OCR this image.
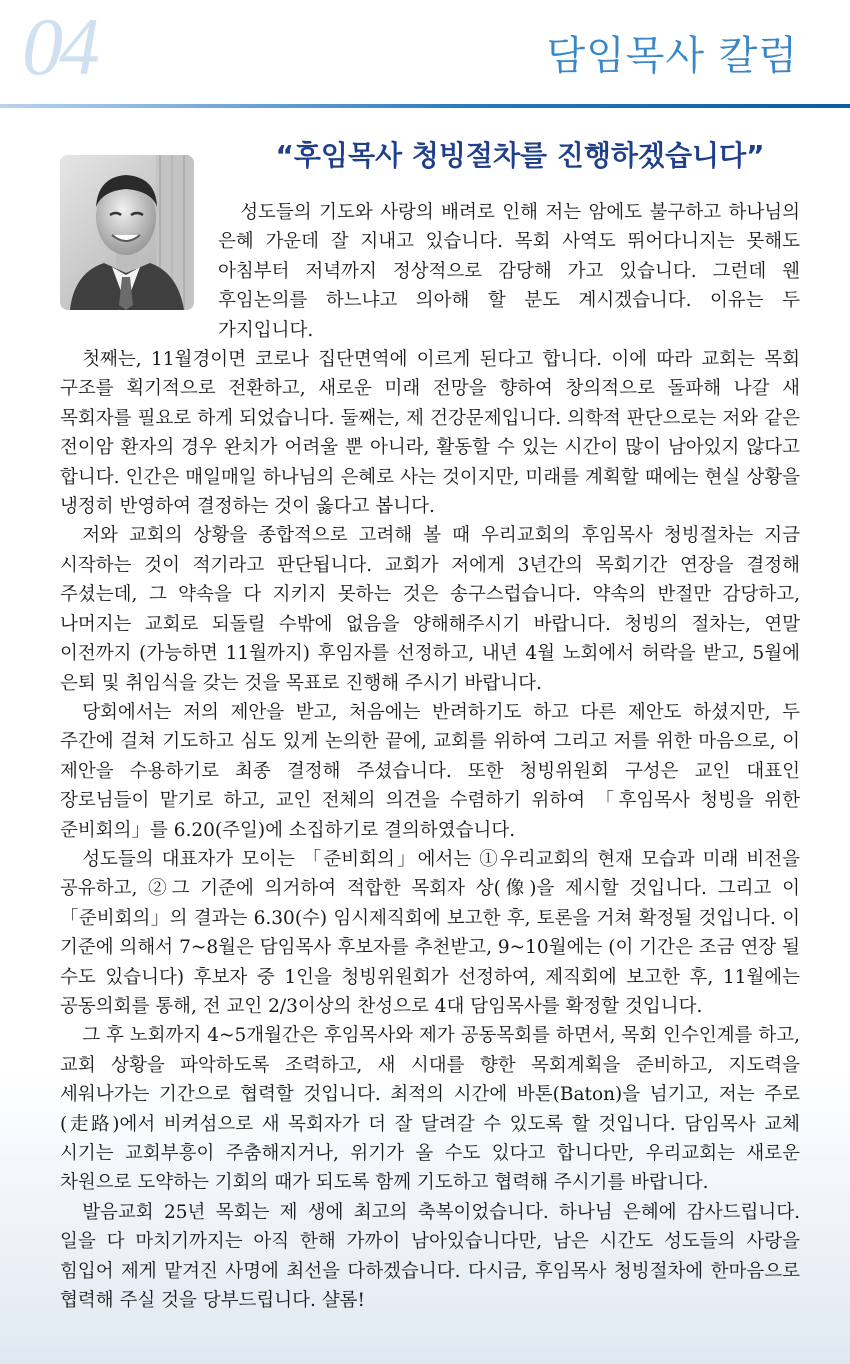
04	담임목사 칼럼
“후임목사 청빙절차를 진행하겠습니다”

성도들의 기도와 사랑의 배려로 인해 저는 암에도 불구하고 하나님의 은혜 가운데 잘 지내고 있습니다. 목회 사역도 뛰어다니지는 못해도 아침부터 저녁까지 정상적으로 감당해 가고 있습니다. 그런데 웬 후임논의를 하느냐고 의아해 할 분도 계시겠습니다. 이유는 두 가지입니다.

첫째는, 11월경이면 코로나 집단면역에 이르게 된다고 합니다. 이에 따라 교회는 목회 구조를 획기적으로 전환하고, 새로운 미래 전망을 향하여 창의적으로 돌파해 나갈 새 목회자를 필요로 하게 되었습니다. 둘째는, 제 건강문제입니다. 의학적 판단으로는 저와 같은 전이암 환자의 경우 완치가 어려울 뿐 아니라, 활동할 수 있는 시간이 많이 남아있지 않다고 합니다. 인간은 매일매일 하나님의 은혜로 사는 것이지만, 미래를 계획할 때에는 현실 상황을 냉정히 반영하여 결정하는 것이 옳다고 봅니다.

저와 교회의 상황을 종합적으로 고려해 볼 때 우리교회의 후임목사 청빙절차는 지금 시작하는 것이 적기라고 판단됩니다. 교회가 저에게 3년간의 목회기간 연장을 결정해 주셨는데, 그 약속을 다 지키지 못하는 것은 송구스럽습니다. 약속의 반절만 감당하고, 나머지는 교회로 되돌릴 수밖에 없음을 양해해주시기 바랍니다. 청빙의 절차는, 연말 이전까지 (가능하면 11월까지) 후임자를 선정하고, 내년 4월 노회에서 허락을 받고, 5월에 은퇴 및 취임식을 갖는 것을 목표로 진행해 주시기 바랍니다.

당회에서는 저의 제안을 받고, 처음에는 반려하기도 하고 다른 제안도 하셨지만, 두 주간에 걸쳐 기도하고 심도 있게 논의한 끝에, 교회를 위하여 그리고 저를 위한 마음으로, 이 제안을 수용하기로 최종 결정해 주셨습니다. 또한 청빙위원회 구성은 교인 대표인 장로님들이 맡기로 하고, 교인 전체의 의견을 수렴하기 위하여 「후임목사 청빙을 위한 준비회의」를 6.20(주일)에 소집하기로 결의하였습니다.

성도들의 대표자가 모이는 「준비회의」에서는 ①우리교회의 현재 모습과 미래 비전을 공유하고, ②그 기준에 의거하여 적합한 목회자 상(像)을 제시할 것입니다. 그리고 이 「준비회의」의 결과는 6.30(수) 임시제직회에 보고한 후, 토론을 거쳐 확정될 것입니다. 이 기준에 의해서 7~8월은 담임목사 후보자를 추천받고, 9~10월에는 (이 기간은 조금 연장 될 수도 있습니다) 후보자 중 1인을 청빙위원회가 선정하여, 제직회에 보고한 후, 11월에는 공동의회를 통해, 전 교인 2/3이상의 찬성으로 4대 담임목사를 확정할 것입니다.

그 후 노회까지 4~5개월간은 후임목사와 제가 공동목회를 하면서, 목회 인수인계를 하고, 교회 상황을 파악하도록 조력하고, 새 시대를 향한 목회계획을 준비하고, 지도력을 세워나가는 기간으로 협력할 것입니다. 최적의 시간에 바톤(Baton)을 넘기고, 저는 주로(走路)에서 비켜섬으로 새 목회자가 더 잘 달려갈 수 있도록 할 것입니다. 담임목사 교체 시기는 교회부흥이 주춤해지거나, 위기가 올 수도 있다고 합니다만, 우리교회는 새로운 차원으로 도약하는 기회의 때가 되도록 함께 기도하고 협력해 주시기를 바랍니다.

발음교회 25년 목회는 제 생에 최고의 축복이었습니다. 하나님 은혜에 감사드립니다. 일을 다 마치기까지는 아직 한해 가까이 남아있습니다만, 남은 시간도 성도들의 사랑을 힘입어 제게 맡겨진 사명에 최선을 다하겠습니다. 다시금, 후임목사 청빙절차에 한마음으로 협력해 주실 것을 당부드립니다. 샬롬!
